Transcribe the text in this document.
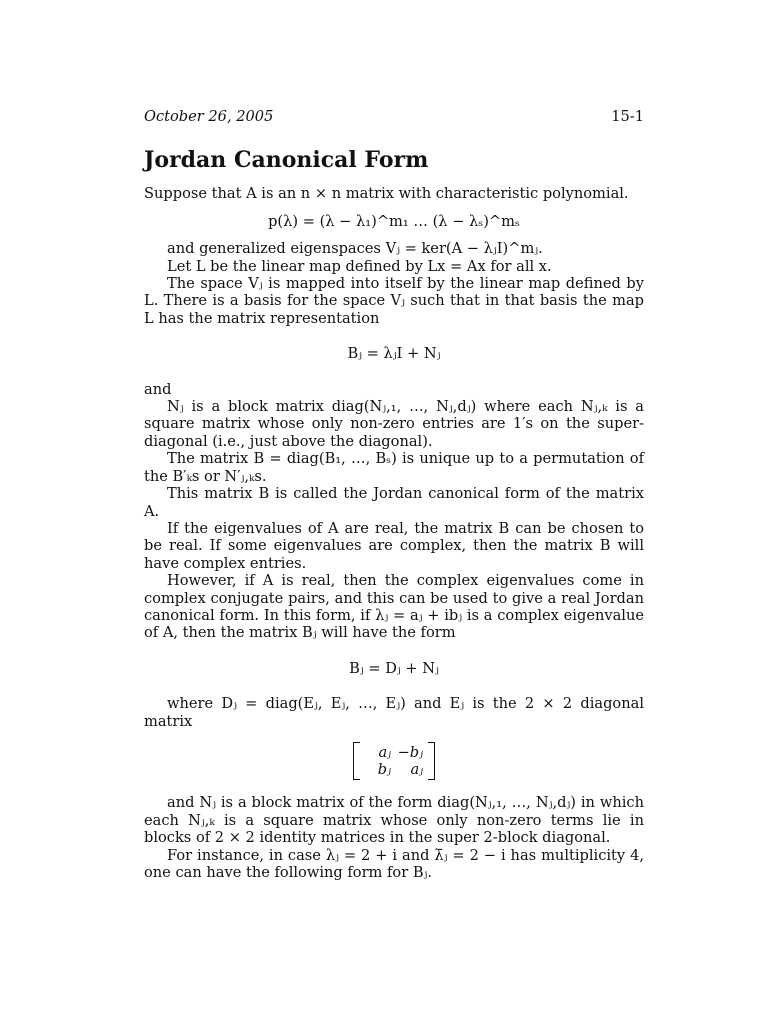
October 26, 2005	15-1
Jordan Canonical Form

Suppose that A is an n × n matrix with characteristic polynomial.

p(λ) = (λ − λ₁)^m₁ … (λ − λₛ)^mₛ

and generalized eigenspaces Vⱼ = ker(A − λⱼI)^mⱼ.

Let L be the linear map defined by Lx = Ax for all x.

The space Vⱼ is mapped into itself by the linear map defined by L. There is a basis for the space Vⱼ such that in that basis the map L has the matrix representation

Bⱼ = λⱼI + Nⱼ

and

Nⱼ is a block matrix diag(Nⱼ,₁, …, Nⱼ,dⱼ) where each Nⱼ,ₖ is a square matrix whose only non-zero entries are 1′s on the super-diagonal (i.e., just above the diagonal).

The matrix B = diag(B₁, …, Bₛ) is unique up to a permutation of the B′ₖs or N′ⱼ,ₖs.

This matrix B is called the Jordan canonical form of the matrix A.

If the eigenvalues of A are real, the matrix B can be chosen to be real. If some eigenvalues are complex, then the matrix B will have complex entries.

However, if A is real, then the complex eigenvalues come in complex conjugate pairs, and this can be used to give a real Jordan canonical form. In this form, if λⱼ = aⱼ + ibⱼ is a complex eigenvalue of A, then the matrix Bⱼ will have the form

Bⱼ = Dⱼ + Nⱼ

where Dⱼ = diag(Eⱼ, Eⱼ, …, Eⱼ) and Eⱼ is the 2 × 2 diagonal matrix

aⱼ −bⱼ
bⱼ	aⱼ

and Nⱼ is a block matrix of the form diag(Nⱼ,₁, …, Nⱼ,dⱼ) in which each Nⱼ,ₖ is a square matrix whose only non-zero terms lie in blocks of 2 × 2 identity matrices in the super 2-block diagonal.

For instance, in case λⱼ = 2 + i and λ̄ⱼ = 2 − i has multiplicity 4, one can have the following form for Bⱼ.
